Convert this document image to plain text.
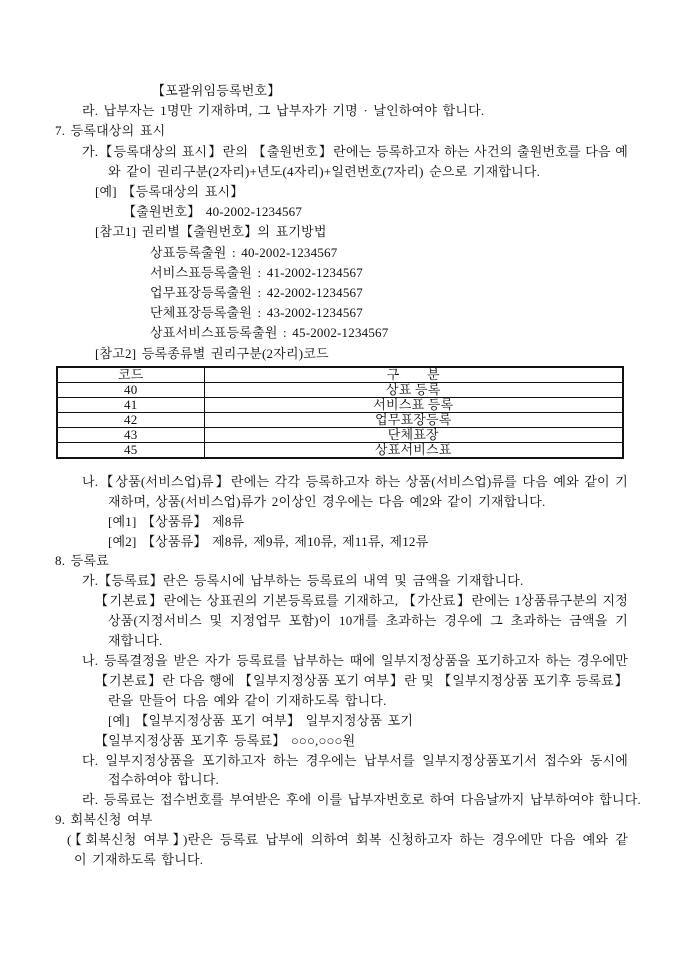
【포괄위임등록번호】
라. 납부자는 1명만 기재하며, 그 납부자가 기명 · 날인하여야 합니다.
7. 등록대상의 표시
가.【등록대상의 표시】란의 【출원번호】란에는 등록하고자 하는 사건의 출원번호를 다음 예
와 같이 권리구분(2자리)+년도(4자리)+일련번호(7자리) 순으로 기재합니다.
[예] 【등록대상의 표시】
【출원번호】 40-2002-1234567
[참고1] 권리별【출원번호】의 표기방법
상표등록출원 : 40-2002-1234567
서비스표등록출원 : 41-2002-1234567
업무표장등록출원 : 42-2002-1234567
단체표장등록출원 : 43-2002-1234567
상표서비스표등록출원 : 45-2002-1234567
[참고2] 등록종류별 권리구분(2자리)코드
코드	구        분
40	상표 등록
41	서비스표 등록
42	업무표장등록
43	단체표장
45	상표서비스표
나.【상품(서비스업)류】란에는 각각 등록하고자 하는 상품(서비스업)류를 다음 예와 같이 기
재하며, 상품(서비스업)류가 2이상인 경우에는 다음 예2와 같이 기재합니다.
[예1] 【상품류】 제8류
[예2] 【상품류】 제8류, 제9류, 제10류, 제11류, 제12류
8. 등록료
가.【등록료】란은 등록시에 납부하는 등록료의 내역 및 금액을 기재합니다.
【기본료】란에는 상표권의 기본등록료를 기재하고, 【가산료】란에는 1상품류구분의 지정
상품(지정서비스 및 지정업무 포함)이 10개를 초과하는 경우에 그 초과하는 금액을 기
재합니다.
나. 등록결정을 받은 자가 등록료를 납부하는 때에 일부지정상품을 포기하고자 하는 경우에만
【기본료】란 다음 행에 【일부지정상품 포기 여부】란 및 【일부지정상품 포기후 등록료】
란을 만들어 다음 예와 같이 기재하도록 합니다.
[예] 【일부지정상품 포기 여부】 일부지정상품 포기
【일부지정상품 포기후 등록료】 ○○○,○○○원
다. 일부지정상품을 포기하고자 하는 경우에는 납부서를 일부지정상품포기서 접수와 동시에
접수하여야 합니다.
라. 등록료는 접수번호를 부여받은 후에 이를 납부자번호로 하여 다음날까지 납부하여야 합니다.
9. 회복신청 여부
(【회복신청 여부】)란은 등록료 납부에 의하여 회복 신청하고자 하는 경우에만 다음 예와 같
이 기재하도록 합니다.
